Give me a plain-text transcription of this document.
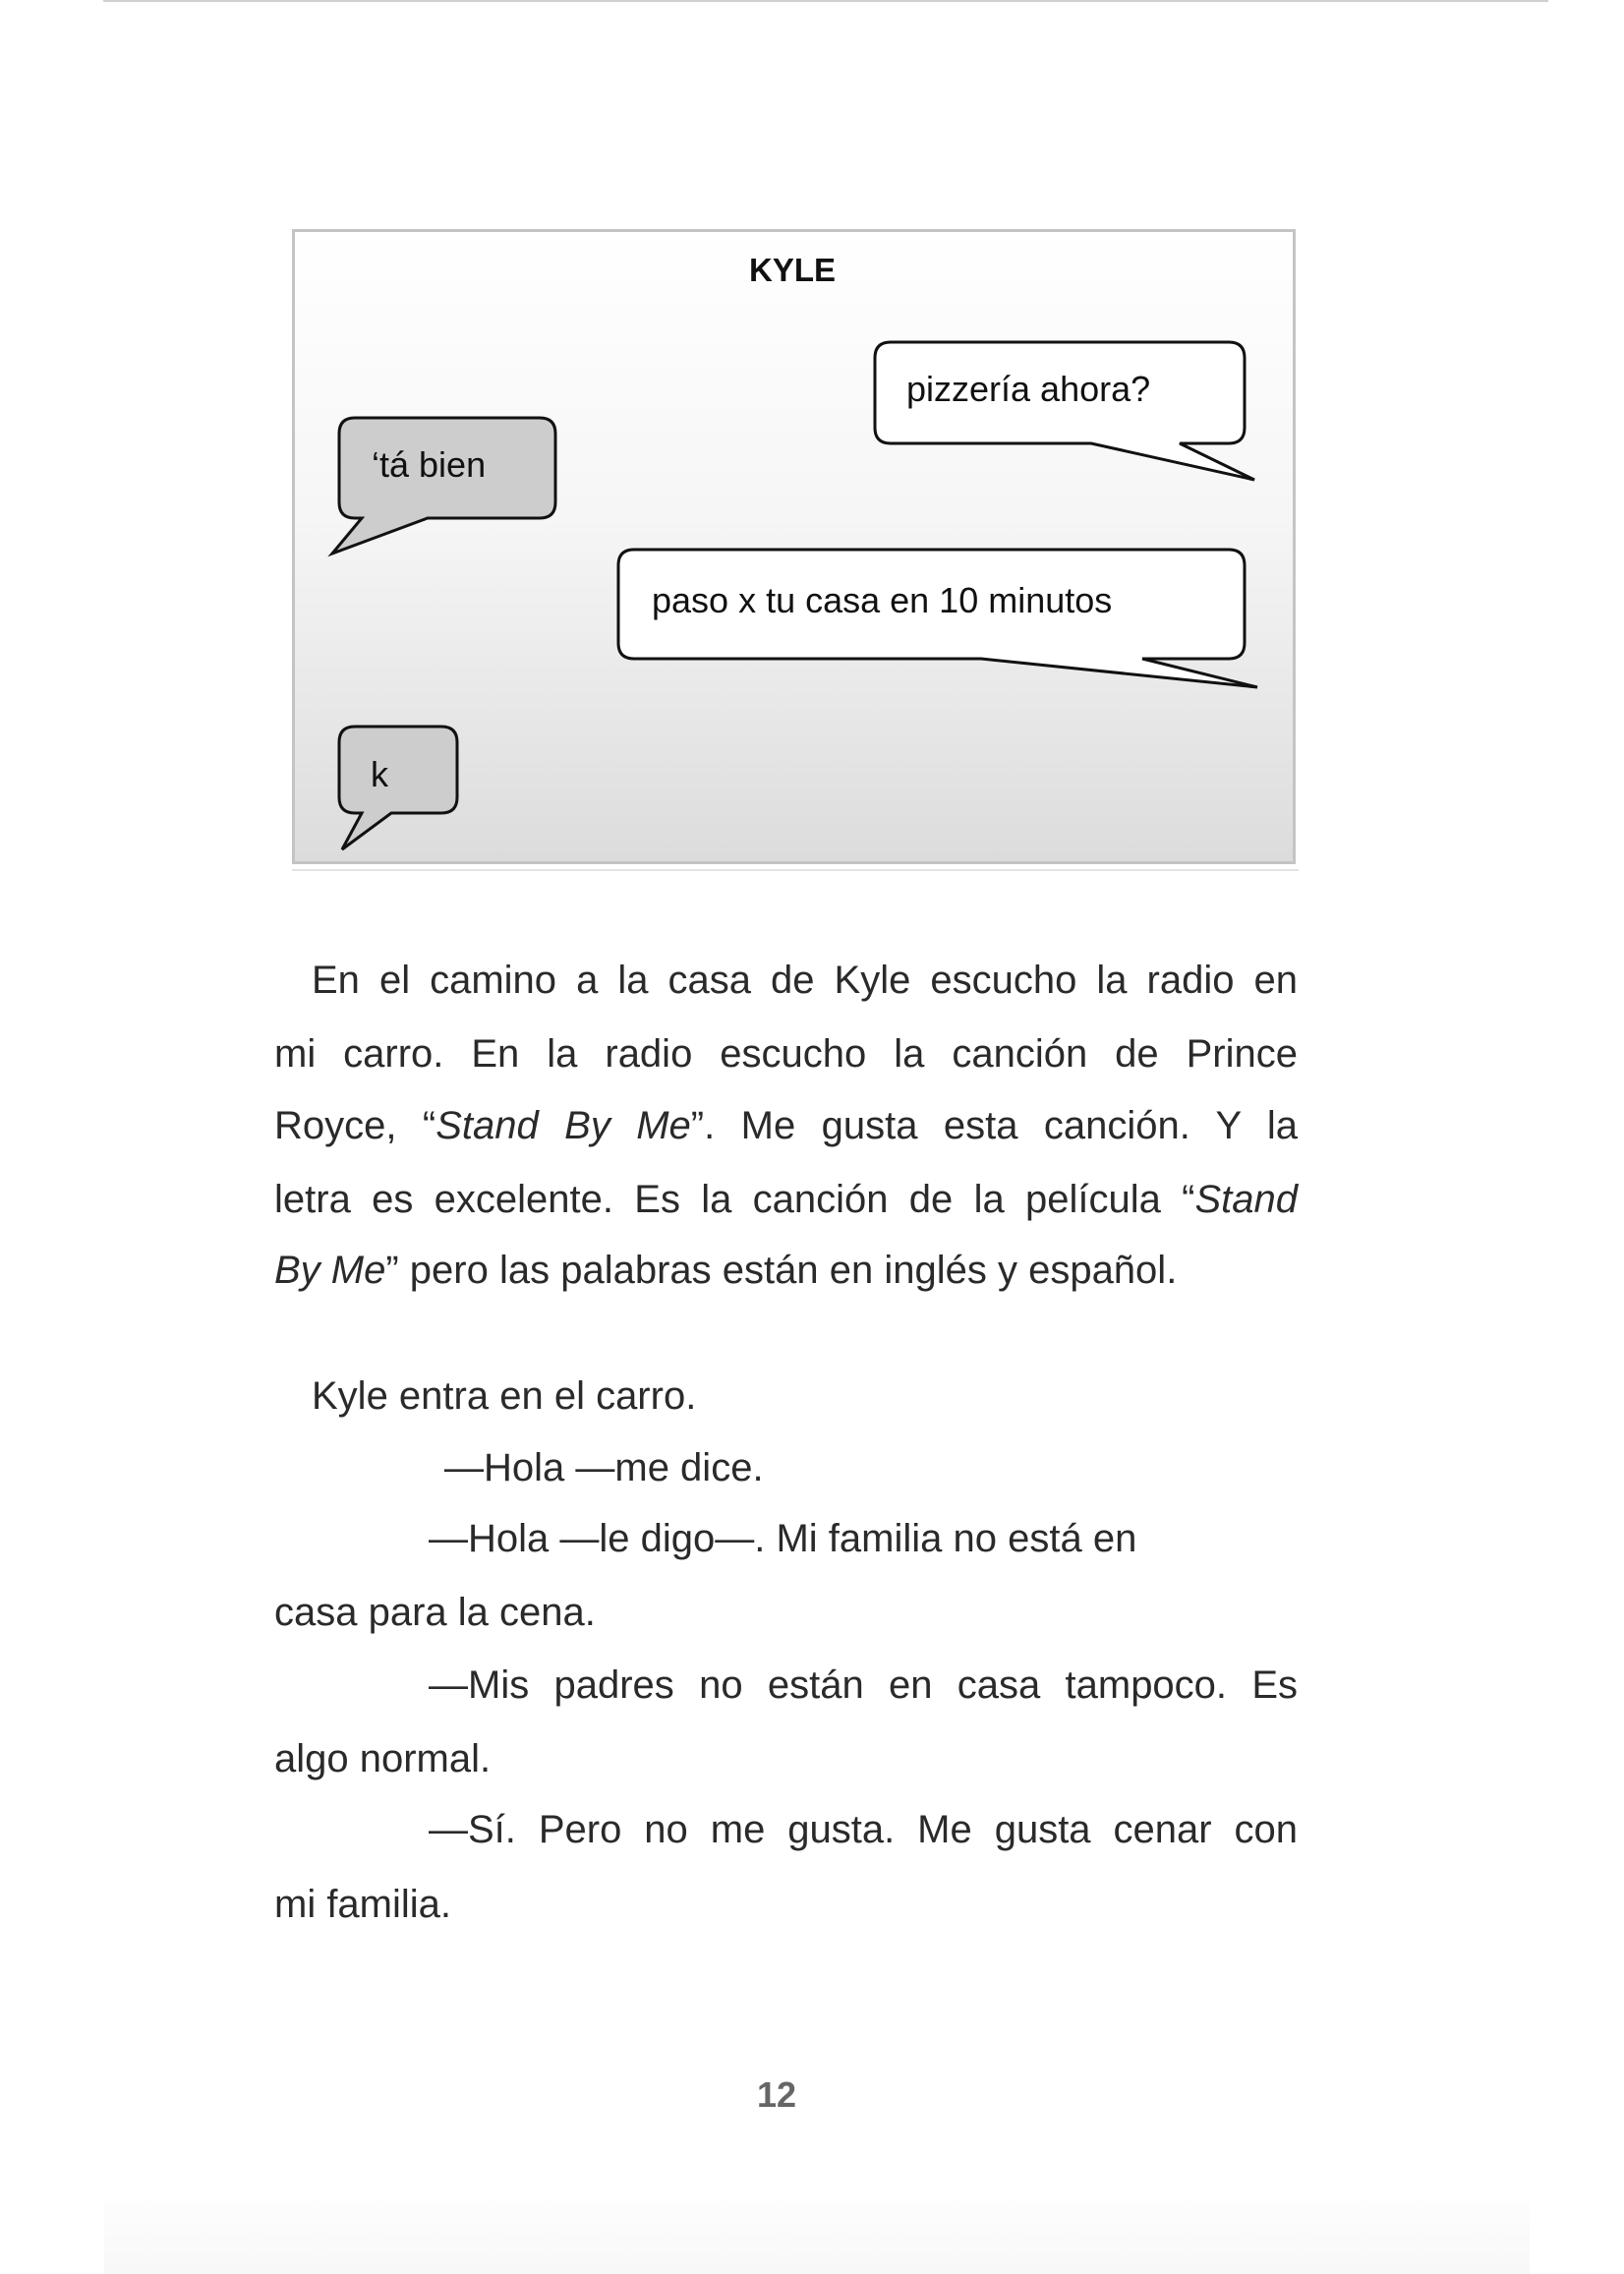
KYLE
pizzería ahora?
‘tá bien
paso x tu casa en 10 minutos
k
En el camino a la casa de Kyle escucho la radio en
mi carro. En la radio escucho la canción de Prince
Royce, “Stand By Me”. Me gusta esta canción. Y la
letra es excelente. Es la canción de la película “Stand
By Me” pero las palabras están en inglés y español.
Kyle entra en el carro.
—Hola —me dice.
—Hola —le digo—. Mi familia no está en
casa para la cena.
—Mis padres no están en casa tampoco. Es
algo normal.
—Sí. Pero no me gusta. Me gusta cenar con
mi familia.
12
